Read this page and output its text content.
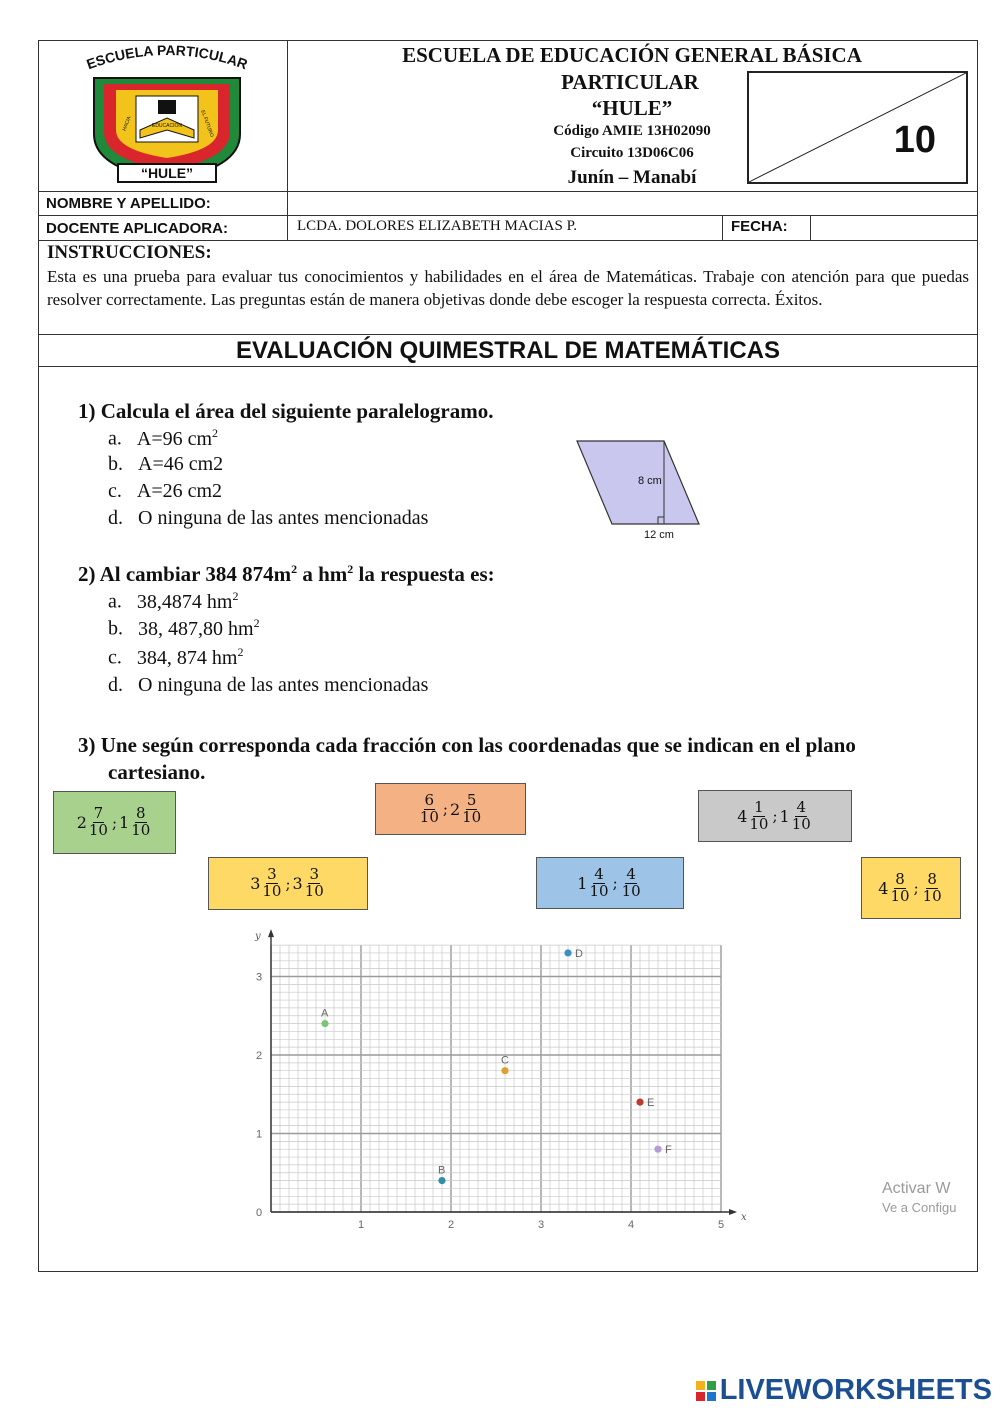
ESCUELA PARTICULAR
EDUCACIÓN
HACIA	EL FUTURO
“HULE”
ESCUELA DE EDUCACIÓN GENERAL BÁSICA
PARTICULAR
“HULE”
Código AMIE 13H02090
Circuito 13D06C06
Junín – Manabí
10
NOMBRE Y APELLIDO:
DOCENTE APLICADORA:	LCDA. DOLORES ELIZABETH MACIAS P.	FECHA:
INSTRUCCIONES:
Esta es una prueba para evaluar tus conocimientos y habilidades en el área de Matemáticas. Trabaje con atención para que puedas resolver correctamente. Las preguntas están de manera objetivas donde debe escoger la respuesta correcta. Éxitos.
EVALUACIÓN QUIMESTRAL DE MATEMÁTICAS
1) Calcula el área del siguiente paralelogramo.
a. A=96 $cm^2$
b. A=46 cm2
c. A=26 cm2
d. O ninguna de las antes mencionadas
8 cm
12 cm
2) Al cambiar 384 $874m^2$ a $hm^2$ la respuesta es:
a. 38,4874 $hm^2$
b. 38, 487,80 $hm^2$
c. 384, 874 $hm^2$
d. O ninguna de las antes mencionadas
3) Une según corresponda cada fracción con las coordenadas que se indican en el plano
cartesiano.
$2 \frac{7}{10}$ ; $1 \frac{8}{10}$	$\frac{6}{10}$ ; $2 \frac{5}{10}$	$4 \frac{1}{10}$ ; $1 \frac{4}{10}$
$3 \frac{3}{10}$ ; $3 \frac{3}{10}$	$1 \frac{4}{10}$ ; $\frac{4}{10}$	$4 \frac{8}{10}$ ; $\frac{8}{10}$
x
y
1	2	3	4	5
0
1
2
3
A
B
C
D
E
F
Activar W
Ve a Configu
LIVEWORKSHEETS
